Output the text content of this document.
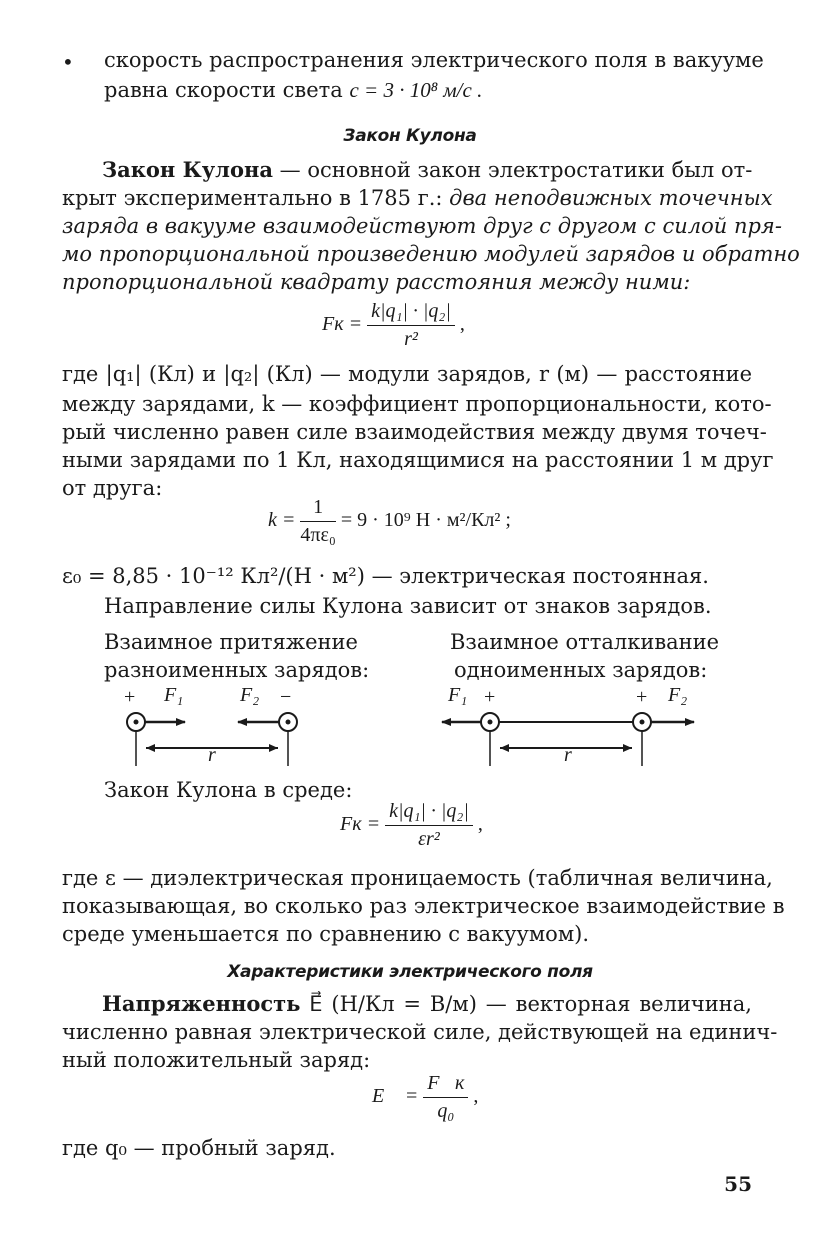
• скорость распространения электрического поля в вакууме
равна скорости света c = 3 · 10⁸ м/с .
Закон Кулона
Закон Кулона — основной закон электростатики был от-
крыт экспериментально в 1785 г.: два неподвижных точечных
заряда в вакууме взаимодействуют друг с другом с силой пря-
мо пропорциональной произведению модулей зарядов и обратно
пропорциональной квадрату расстояния между ними:
Fк = $\frac{\text{k|q₁| · |q₂|}}{\text{r²}}$ ,
где |q₁| (Кл) и |q₂| (Кл) — модули зарядов, r (м) — расстояние
между зарядами, k — коэффициент пропорциональности, кото-
рый численно равен силе взаимодействия между двумя точеч-
ными зарядами по 1 Кл, находящимися на расстоянии 1 м друг
от друга:
$k = \frac{1}{\text{4πε₀}} = 9 \cdot 10^9$ Н · м²/Кл² ;
ε₀ = 8,85 · 10⁻¹² Кл²/(Н · м²) — электрическая постоянная.
Направление силы Кулона зависит от знаков зарядов.
Взаимное притяжение
разноименных зарядов:
Взаимное отталкивание
одноименных зарядов:
+ F₁	F₂ −
r
F₁ +	+ F₂
r
Закон Кулона в среде:
Fк = $\frac{\text{k|q₁| · |q₂|}}{\text{εr²}}$ ,
где ε — диэлектрическая проницаемость (табличная величина,
показывающая, во сколько раз электрическое взаимодействие в
среде уменьшается по сравнению с вакуумом).
Характеристики электрического поля
Напряженность E⃗ (Н/Кл = В/м) — векторная величина,
численно равная электрической силе, действующей на единич-
ный положительный заряд:
E⃗ = $\frac{F⃗к}{\text{q₀}}$ ,
где q₀ — пробный заряд.
55
